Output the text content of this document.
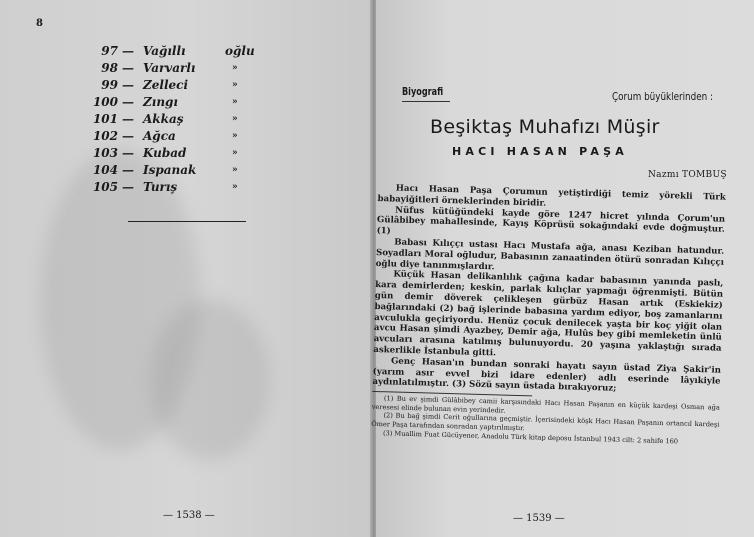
8
97 — Vağıllı	oğlu
98 — Varvarlı	»
99 — Zelleci	»
100 — Zıngı	»
101 — Akkaş	»
102 — Ağca	»
103 — Kubad	»
104 — Ispanak	»
105 — Turış	»
— 1538 —
Biyografi	Çorum büyüklerinden :
Beşiktaş Muhafızı Müşir
HACI HASAN PAŞA
Nazmı TOMBUŞ

Hacı Hasan Paşa Çorumun yetiştirdiği temiz yörekli Türk babayiğitleri örneklerinden biridir.

Nüfus kütüğündeki kayde göre 1247 hicret yılında Çorum'un Gülâbibey mahallesinde, Kayış Köprüsü sokağındaki evde doğmuştur.(1)

Babası Kılıççı ustası Hacı Mustafa ağa, anası Keziban hatundur. Soyadları Moral oğludur, Babasının zanaatinden ötürü sonradan Kılıççı oğlu diye tanınmışlardır.

Küçük Hasan delikanlılık çağına kadar babasının yanında paslı, kara demirlerden; keskin, parlak kılıçlar yapmağı öğrenmişti. Bütün gün demir döverek çelikleşen gürbüz Hasan artık (Eskiekiz) bağlarındaki (2) bağ işlerinde babasına yardım ediyor, boş zamanlarını avculukla geçiriyordu. Henüz çocuk denilecek yaşta bir koç yiğit olan avcu Hasan şimdi Ayazbey, Demir ağa, Hulûs bey gibi memleketin ünlü avcuları arasına katılmış bulunuyordu. 20 yaşına yaklaştığı sırada askerlikle İstanbula gitti.

Genç Hasan'ın bundan sonraki hayatı sayın üstad Ziya Şakir'in (yarım asır evvel bizi idare edenler) adlı eserinde lâyıkiyle aydınlatılmıştır. (3) Sözü sayın üstada bırakıyoruz;

(1) Bu ev şimdi Gülâbibey camii karşısındaki Hacı Hasan Paşanın en küçük kardeşi Osman ağa veresesi elinde bulunan evin yerindedir.

(2) Bu bağ şimdi Cerit oğullarına geçmiştir. İçerisindeki köşk Hacı Hasan Paşanın ortancıl kardeşi Ömer Paşa tarafından sonradan yaptırılmıştır.

(3) Muallim Fuat Gücüyener, Anadolu Türk kitap deposu İstanbul 1943 cilt: 2 sahife 160

— 1539 —
